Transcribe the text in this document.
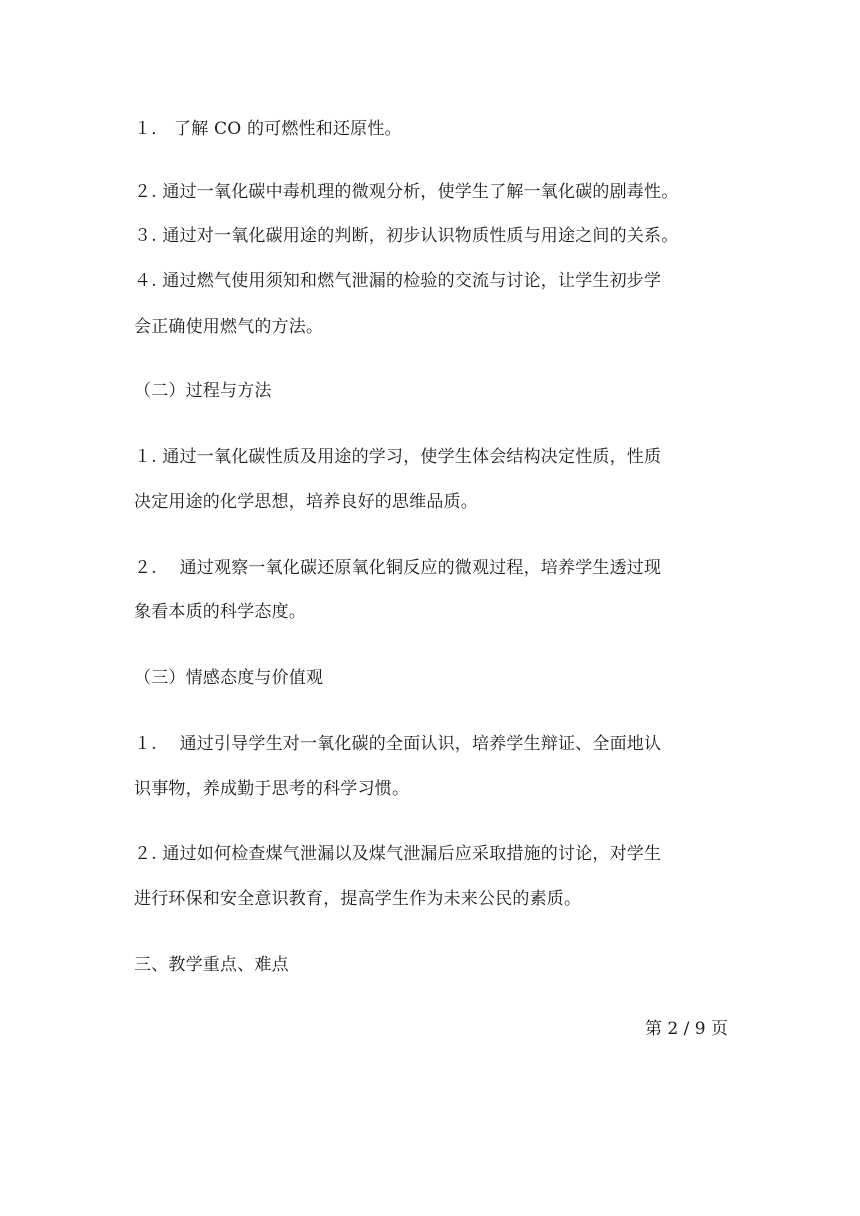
１． 了解 CO 的可燃性和还原性。
２. 通过一氧化碳中毒机理的微观分析，使学生了解一氧化碳的剧毒性。
３. 通过对一氧化碳用途的判断，初步认识物质性质与用途之间的关系。
４. 通过燃气使用须知和燃气泄漏的检验的交流与讨论，让学生初步学
会正确使用燃气的方法。
（二）过程与方法
１. 通过一氧化碳性质及用途的学习，使学生体会结构决定性质，性质
决定用途的化学思想，培养良好的思维品质。
２.　 通过观察一氧化碳还原氧化铜反应的微观过程，培养学生透过现
象看本质的科学态度。
（三）情感态度与价值观
１.　 通过引导学生对一氧化碳的全面认识，培养学生辩证、全面地认
识事物，养成勤于思考的科学习惯。
２. 通过如何检查煤气泄漏以及煤气泄漏后应采取措施的讨论，对学生
进行环保和安全意识教育，提高学生作为未来公民的素质。
三、教学重点、难点
第 2 / 9 页
